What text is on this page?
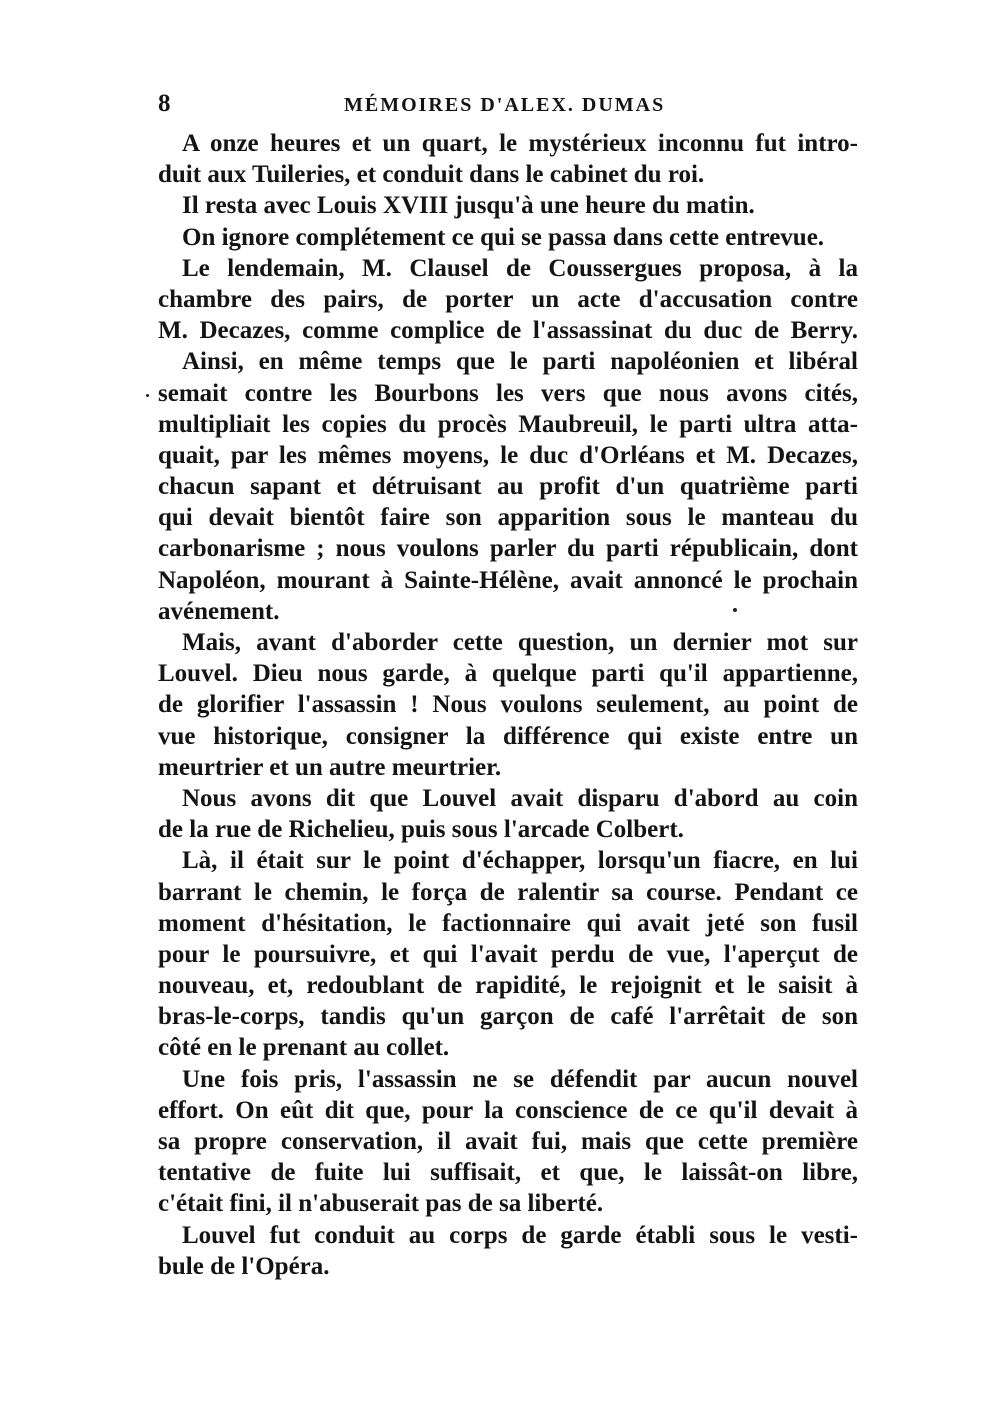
8	MÉMOIRES D'ALEX. DUMAS
A onze heures et un quart, le mystérieux inconnu fut intro-
duit aux Tuileries, et conduit dans le cabinet du roi.
Il resta avec Louis XVIII jusqu'à une heure du matin.
On ignore complétement ce qui se passa dans cette entrevue.
Le lendemain, M. Clausel de Coussergues proposa, à la
chambre des pairs, de porter un acte d'accusation contre
M. Decazes, comme complice de l'assassinat du duc de Berry.
Ainsi, en même temps que le parti napoléonien et libéral
semait contre les Bourbons les vers que nous avons cités,
multipliait les copies du procès Maubreuil, le parti ultra atta-
quait, par les mêmes moyens, le duc d'Orléans et M. Decazes,
chacun sapant et détruisant au profit d'un quatrième parti
qui devait bientôt faire son apparition sous le manteau du
carbonarisme ; nous voulons parler du parti républicain, dont
Napoléon, mourant à Sainte-Hélène, avait annoncé le prochain
avénement.
Mais, avant d'aborder cette question, un dernier mot sur
Louvel. Dieu nous garde, à quelque parti qu'il appartienne,
de glorifier l'assassin ! Nous voulons seulement, au point de
vue historique, consigner la différence qui existe entre un
meurtrier et un autre meurtrier.
Nous avons dit que Louvel avait disparu d'abord au coin
de la rue de Richelieu, puis sous l'arcade Colbert.
Là, il était sur le point d'échapper, lorsqu'un fiacre, en lui
barrant le chemin, le força de ralentir sa course. Pendant ce
moment d'hésitation, le factionnaire qui avait jeté son fusil
pour le poursuivre, et qui l'avait perdu de vue, l'aperçut de
nouveau, et, redoublant de rapidité, le rejoignit et le saisit à
bras-le-corps, tandis qu'un garçon de café l'arrêtait de son
côté en le prenant au collet.
Une fois pris, l'assassin ne se défendit par aucun nouvel
effort. On eût dit que, pour la conscience de ce qu'il devait à
sa propre conservation, il avait fui, mais que cette première
tentative de fuite lui suffisait, et que, le laissât-on libre,
c'était fini, il n'abuserait pas de sa liberté.
Louvel fut conduit au corps de garde établi sous le vesti-
bule de l'Opéra.
